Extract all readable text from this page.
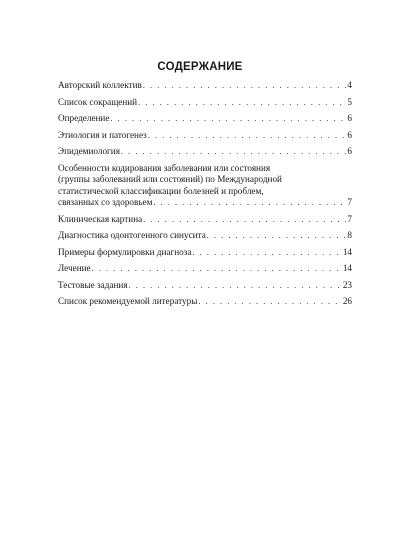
СОДЕРЖАНИЕ
Авторский коллектив . . .	4
Список сокращений . . .	5
Определение . . .	6
Этиология и патогенез . . .	6
Эпидемиология . . .	6
Особенности кодирования заболевания или состояния
(группы заболеваний или состояний) по Международной
статистической классификации болезней и проблем,
связанных со здоровьем . . .	7
Клиническая картина . . .	7
Диагностика одонтогенного синусита . . .	8
Примеры формулировки диагноза . . .	14
Лечение . . .	14
Тестовые задания . . .	23
Список рекомендуемой литературы . . .	26
